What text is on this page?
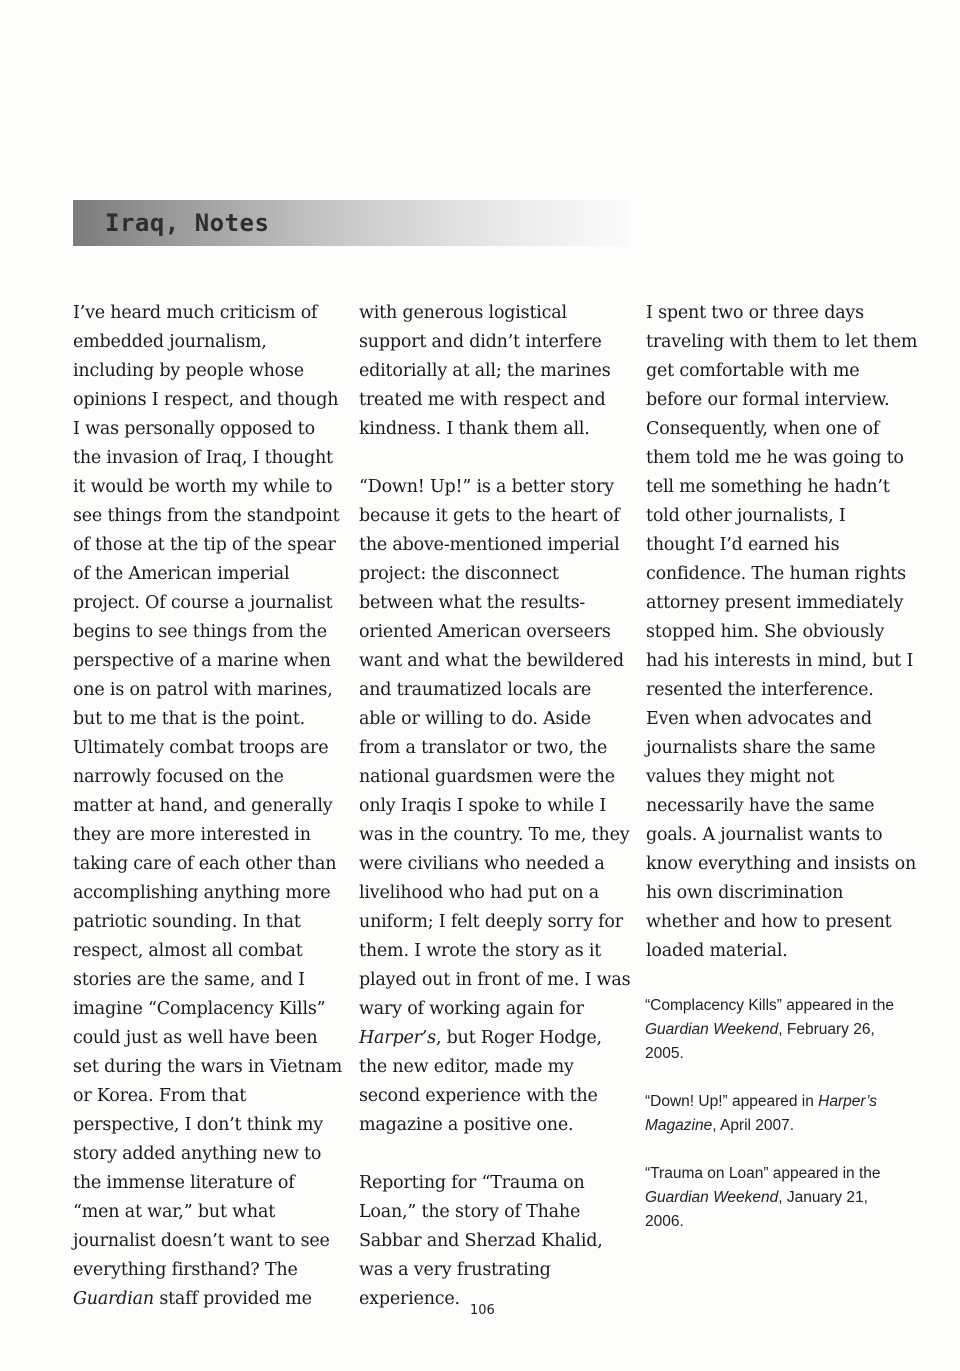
Iraq, Notes

I’ve heard much criticism of embedded journalism, including by people whose opinions I respect, and though I was personally opposed to the invasion of Iraq, I thought it would be worth my while to see things from the standpoint of those at the tip of the spear of the American imperial project. Of course a journalist begins to see things from the perspective of a marine when one is on patrol with marines, but to me that is the point. Ultimately combat troops are narrowly focused on the matter at hand, and generally they are more interested in taking care of each other than accomplishing anything more patriotic sounding. In that respect, almost all combat stories are the same, and I imagine “Complacency Kills” could just as well have been set during the wars in Vietnam or Korea. From that perspective, I don’t think my story added anything new to the immense literature of “men at war,” but what journalist doesn’t want to see everything firsthand? The
Guardian staff provided me

with generous logistical support and didn’t interfere editorially at all; the marines treated me with respect and kindness. I thank them all.

“Down! Up!” is a better story because it gets to the heart of the above-mentioned imperial project: the disconnect between what the results-oriented American overseers want and what the bewildered and traumatized locals are able or willing to do. Aside from a translator or two, the national guardsmen were the only Iraqis I spoke to while I was in the country. To me, they were civilians who needed a livelihood who had put on a uniform; I felt deeply sorry for them. I wrote the story as it played out in front of me. I was wary of working again for Harper’s, but Roger Hodge, the new editor, made my second experience with the magazine a positive one.

Reporting for “Trauma on Loan,” the story of Thahe Sabbar and Sherzad Khalid, was a very frustrating experience.

I spent two or three days traveling with them to let them get comfortable with me before our formal interview. Consequently, when one of them told me he was going to tell me something he hadn’t told other journalists, I thought I’d earned his confidence. The human rights attorney present immediately stopped him. She obviously had his interests in mind, but I resented the interference. Even when advocates and journalists share the same values they might not necessarily have the same goals. A journalist wants to know everything and insists on his own discrimination whether and how to present loaded material.

“Complacency Kills” appeared in the Guardian Weekend, February 26, 2005.

“Down! Up!” appeared in Harper’s Magazine, April 2007.

“Trauma on Loan” appeared in the Guardian Weekend, January 21, 2006.

106
